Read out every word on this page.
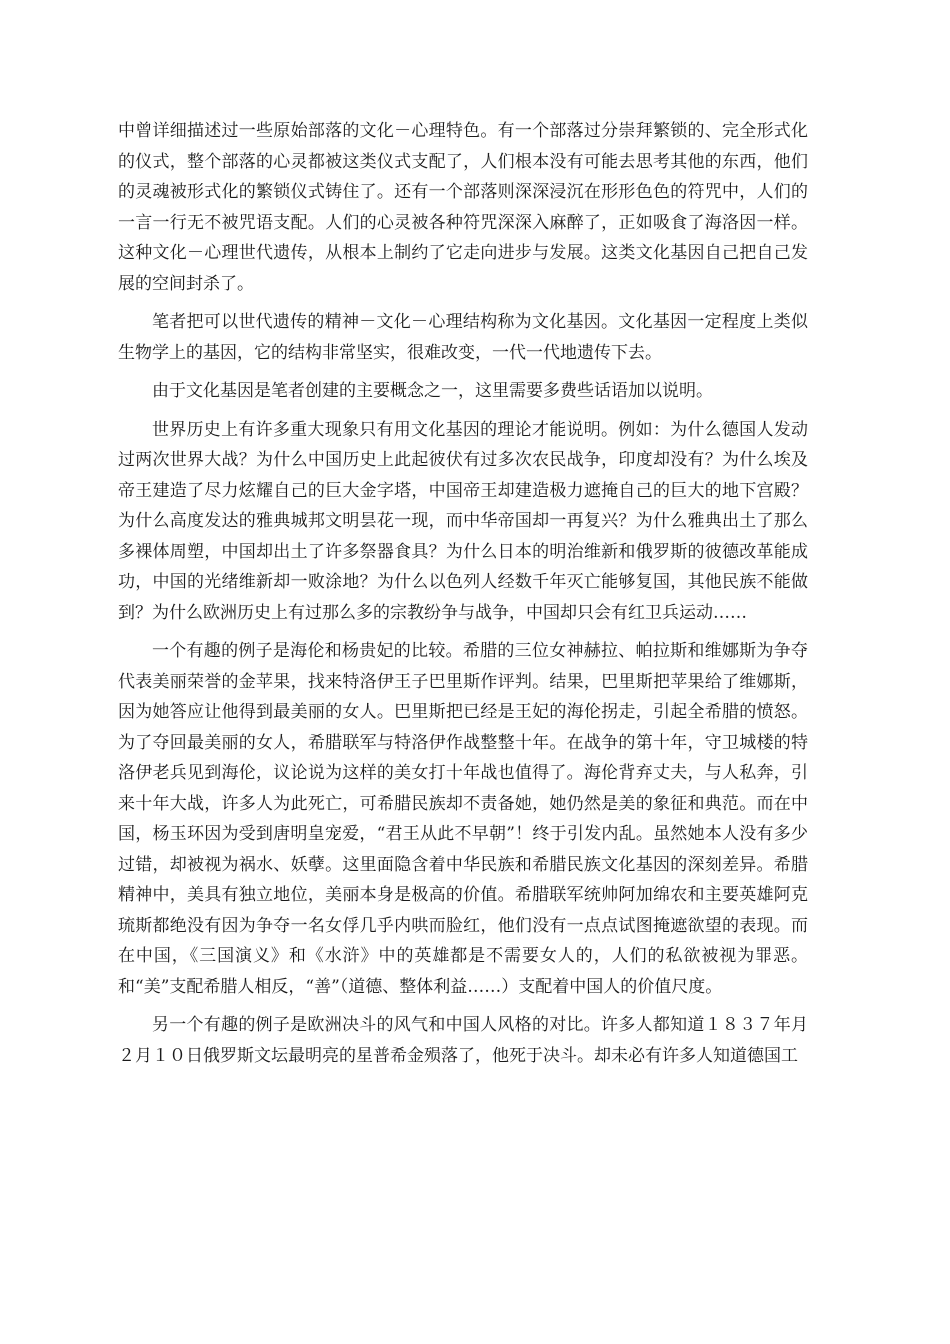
中曾详细描述过一些原始部落的文化－心理特色。有一个部落过分崇拜繁锁的、完全形式化的仪式，整个部落的心灵都被这类仪式支配了，人们根本没有可能去思考其他的东西，他们的灵魂被形式化的繁锁仪式铸住了。还有一个部落则深深浸沉在形形色色的符咒中，人们的一言一行无不被咒语支配。人们的心灵被各种符咒深深入麻醉了，正如吸食了海洛因一样。这种文化－心理世代遗传，从根本上制约了它走向进步与发展。这类文化基因自己把自己发展的空间封杀了。

笔者把可以世代遗传的精神－文化－心理结构称为文化基因。文化基因一定程度上类似生物学上的基因，它的结构非常坚实，很难改变，一代一代地遗传下去。

由于文化基因是笔者创建的主要概念之一，这里需要多费些话语加以说明。

世界历史上有许多重大现象只有用文化基因的理论才能说明。例如：为什么德国人发动过两次世界大战？为什么中国历史上此起彼伏有过多次农民战争，印度却没有？为什么埃及帝王建造了尽力炫耀自己的巨大金字塔，中国帝王却建造极力遮掩自己的巨大的地下宫殿？为什么高度发达的雅典城邦文明昙花一现，而中华帝国却一再复兴？为什么雅典出土了那么多裸体周塑，中国却出土了许多祭器食具？为什么日本的明治维新和俄罗斯的彼德改革能成功，中国的光绪维新却一败涂地？为什么以色列人经数千年灭亡能够复国，其他民族不能做到？为什么欧洲历史上有过那么多的宗教纷争与战争，中国却只会有红卫兵运动……

一个有趣的例子是海伦和杨贵妃的比较。希腊的三位女神赫拉、帕拉斯和维娜斯为争夺代表美丽荣誉的金苹果，找来特洛伊王子巴里斯作评判。结果，巴里斯把苹果给了维娜斯，因为她答应让他得到最美丽的女人。巴里斯把已经是王妃的海伦拐走，引起全希腊的愤怒。为了夺回最美丽的女人，希腊联军与特洛伊作战整整十年。在战争的第十年，守卫城楼的特洛伊老兵见到海伦，议论说为这样的美女打十年战也值得了。海伦背弃丈夫，与人私奔，引来十年大战，许多人为此死亡，可希腊民族却不责备她，她仍然是美的象征和典范。而在中国，杨玉环因为受到唐明皇宠爱，“君王从此不早朝”！终于引发内乱。虽然她本人没有多少过错，却被视为祸水、妖孽。这里面隐含着中华民族和希腊民族文化基因的深刻差异。希腊精神中，美具有独立地位，美丽本身是极高的价值。希腊联军统帅阿加绵农和主要英雄阿克琉斯都绝没有因为争夺一名女俘几乎内哄而脸红，他们没有一点点试图掩遮欲望的表现。而在中国，《三国演义》和《水浒》中的英雄都是不需要女人的，人们的私欲被视为罪恶。和“美”支配希腊人相反，“善”（道德、整体利益……）支配着中国人的价值尺度。

另一个有趣的例子是欧洲决斗的风气和中国人风格的对比。许多人都知道１８３７年月２月１０日俄罗斯文坛最明亮的星普希金殒落了，他死于决斗。却未必有许多人知道德国工
